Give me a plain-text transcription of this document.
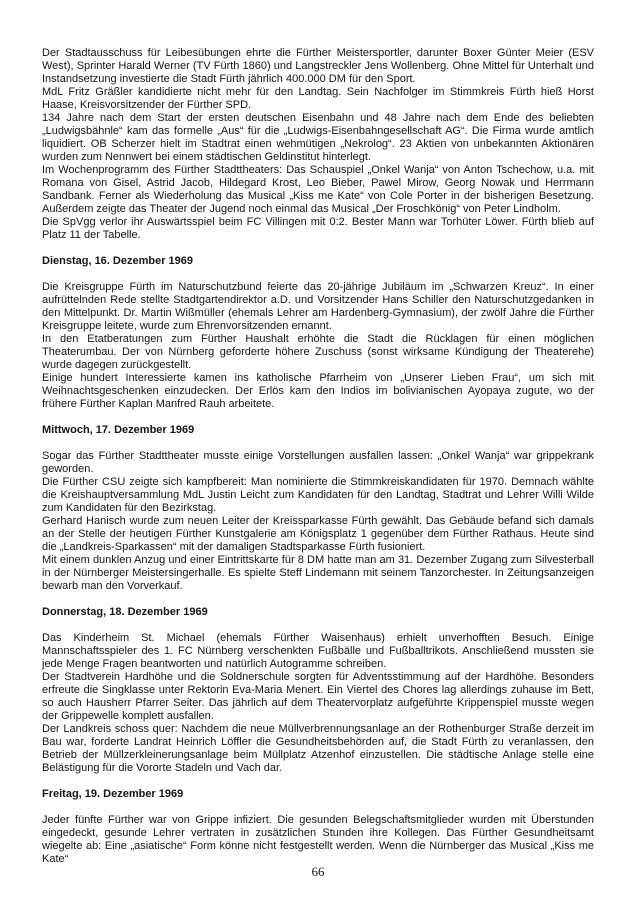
Der Stadtausschuss für Leibesübungen ehrte die Fürther Meistersportler, darunter Boxer Günter Meier (ESV West), Sprinter Harald Werner (TV Fürth 1860) und Langstreckler Jens Wollenberg. Ohne Mittel für Unterhalt und Instandsetzung investierte die Stadt Fürth jährlich 400.000 DM für den Sport.

MdL Fritz Gräßler kandidierte nicht mehr für den Landtag. Sein Nachfolger im Stimmkreis Fürth hieß Horst Haase, Kreisvorsitzender der Fürther SPD.

134 Jahre nach dem Start der ersten deutschen Eisenbahn und 48 Jahre nach dem Ende des beliebten „Ludwigsbähnle“ kam das formelle „Aus“ für die „Ludwigs-Eisenbahngesellschaft AG“. Die Firma wurde amtlich liquidiert. OB Scherzer hielt im Stadtrat einen wehmütigen „Nekrolog“. 23 Aktien von unbekannten Aktionären wurden zum Nennwert bei einem städtischen Geldinstitut hinterlegt.

Im Wochenprogramm des Fürther Stadttheaters: Das Schauspiel „Onkel Wanja“ von Anton Tschechow, u.a. mit Romana von Gisel, Astrid Jacob, Hildegard Krost, Leo Bieber, Pawel Mirow, Georg Nowak und Herrmann Sandbank. Ferner als Wiederholung das Musical „Kiss me Kate“ von Cole Porter in der bisherigen Besetzung. Außerdem zeigte das Theater der Jugend noch einmal das Musical „Der Froschkönig“ von Peter Lindholm.

Die SpVgg verlor ihr Auswärtsspiel beim FC Villingen mit 0:2. Bester Mann war Torhüter Löwer. Fürth blieb auf Platz 11 der Tabelle.

Dienstag, 16. Dezember 1969

Die Kreisgruppe Fürth im Naturschutzbund feierte das 20-jährige Jubiläum im „Schwarzen Kreuz“. In einer aufrüttelnden Rede stellte Stadtgartendirektor a.D. und Vorsitzender Hans Schiller den Naturschutzgedanken in den Mittelpunkt. Dr. Martin Wißmüller (ehemals Lehrer am Hardenberg-Gymnasium), der zwölf Jahre die Fürther Kreisgruppe leitete, wurde zum Ehrenvorsitzenden ernannt.

In den Etatberatungen zum Fürther Haushalt erhöhte die Stadt die Rücklagen für einen möglichen Theaterumbau. Der von Nürnberg geforderte höhere Zuschuss (sonst wirksame Kündigung der Theaterehe) wurde dagegen zurückgestellt.

Einige hundert Interessierte kamen ins katholische Pfarrheim von „Unserer Lieben Frau“, um sich mit Weihnachtsgeschenken einzudecken. Der Erlös kam den Indios im bolivianischen Ayopaya zugute, wo der frühere Fürther Kaplan Manfred Rauh arbeitete.

Mittwoch, 17. Dezember 1969

Sogar das Fürther Stadttheater musste einige Vorstellungen ausfallen lassen: „Onkel Wanja“ war grippekrank geworden.

Die Fürther CSU zeigte sich kampfbereit: Man nominierte die Stimmkreiskandidaten für 1970. Demnach wählte die Kreishauptversammlung MdL Justin Leicht zum Kandidaten für den Landtag, Stadtrat und Lehrer Willi Wilde zum Kandidaten für den Bezirkstag.

Gerhard Hanisch wurde zum neuen Leiter der Kreissparkasse Fürth gewählt. Das Gebäude befand sich damals an der Stelle der heutigen Fürther Kunstgalerie am Königsplatz 1 gegenüber dem Fürther Rathaus. Heute sind die „Landkreis-Sparkassen“ mit der damaligen Stadtsparkasse Fürth fusioniert.

Mit einem dunklen Anzug und einer Eintrittskarte für 8 DM hatte man am 31. Dezember Zugang zum Silvesterball in der Nürnberger Meistersingerhalle. Es spielte Steff Lindemann mit seinem Tanzorchester. In Zeitungsanzeigen bewarb man den Vorverkauf.

Donnerstag, 18. Dezember 1969

Das Kinderheim St. Michael (ehemals Fürther Waisenhaus) erhielt unverhofften Besuch. Einige Mannschaftsspieler des 1. FC Nürnberg verschenkten Fußbälle und Fußballtrikots. Anschließend mussten sie jede Menge Fragen beantworten und natürlich Autogramme schreiben.

Der Stadtverein Hardhöhe und die Soldnerschule sorgten für Adventsstimmung auf der Hardhöhe. Besonders erfreute die Singklasse unter Rektorin Eva-Maria Menert. Ein Viertel des Chores lag allerdings zuhause im Bett, so auch Hausherr Pfarrer Seiter. Das jährlich auf dem Theatervorplatz aufgeführte Krippenspiel musste wegen der Grippewelle komplett ausfallen.

Der Landkreis schoss quer: Nachdem die neue Müllverbrennungsanlage an der Rothenburger Straße derzeit im Bau war, forderte Landrat Heinrich Löffler die Gesundheitsbehörden auf, die Stadt Fürth zu veranlassen, den Betrieb der Müllzerkleinerungsanlage beim Müllplatz Atzenhof einzustellen. Die städtische Anlage stelle eine Belästigung für die Vororte Stadeln und Vach dar.

Freitag, 19. Dezember 1969

Jeder fünfte Fürther war von Grippe infiziert. Die gesunden Belegschaftsmitglieder wurden mit Überstunden eingedeckt, gesunde Lehrer vertraten in zusätzlichen Stunden ihre Kollegen. Das Fürther Gesundheitsamt wiegelte ab: Eine „asiatische“ Form könne nicht festgestellt werden. Wenn die Nürnberger das Musical „Kiss me Kate“

66
